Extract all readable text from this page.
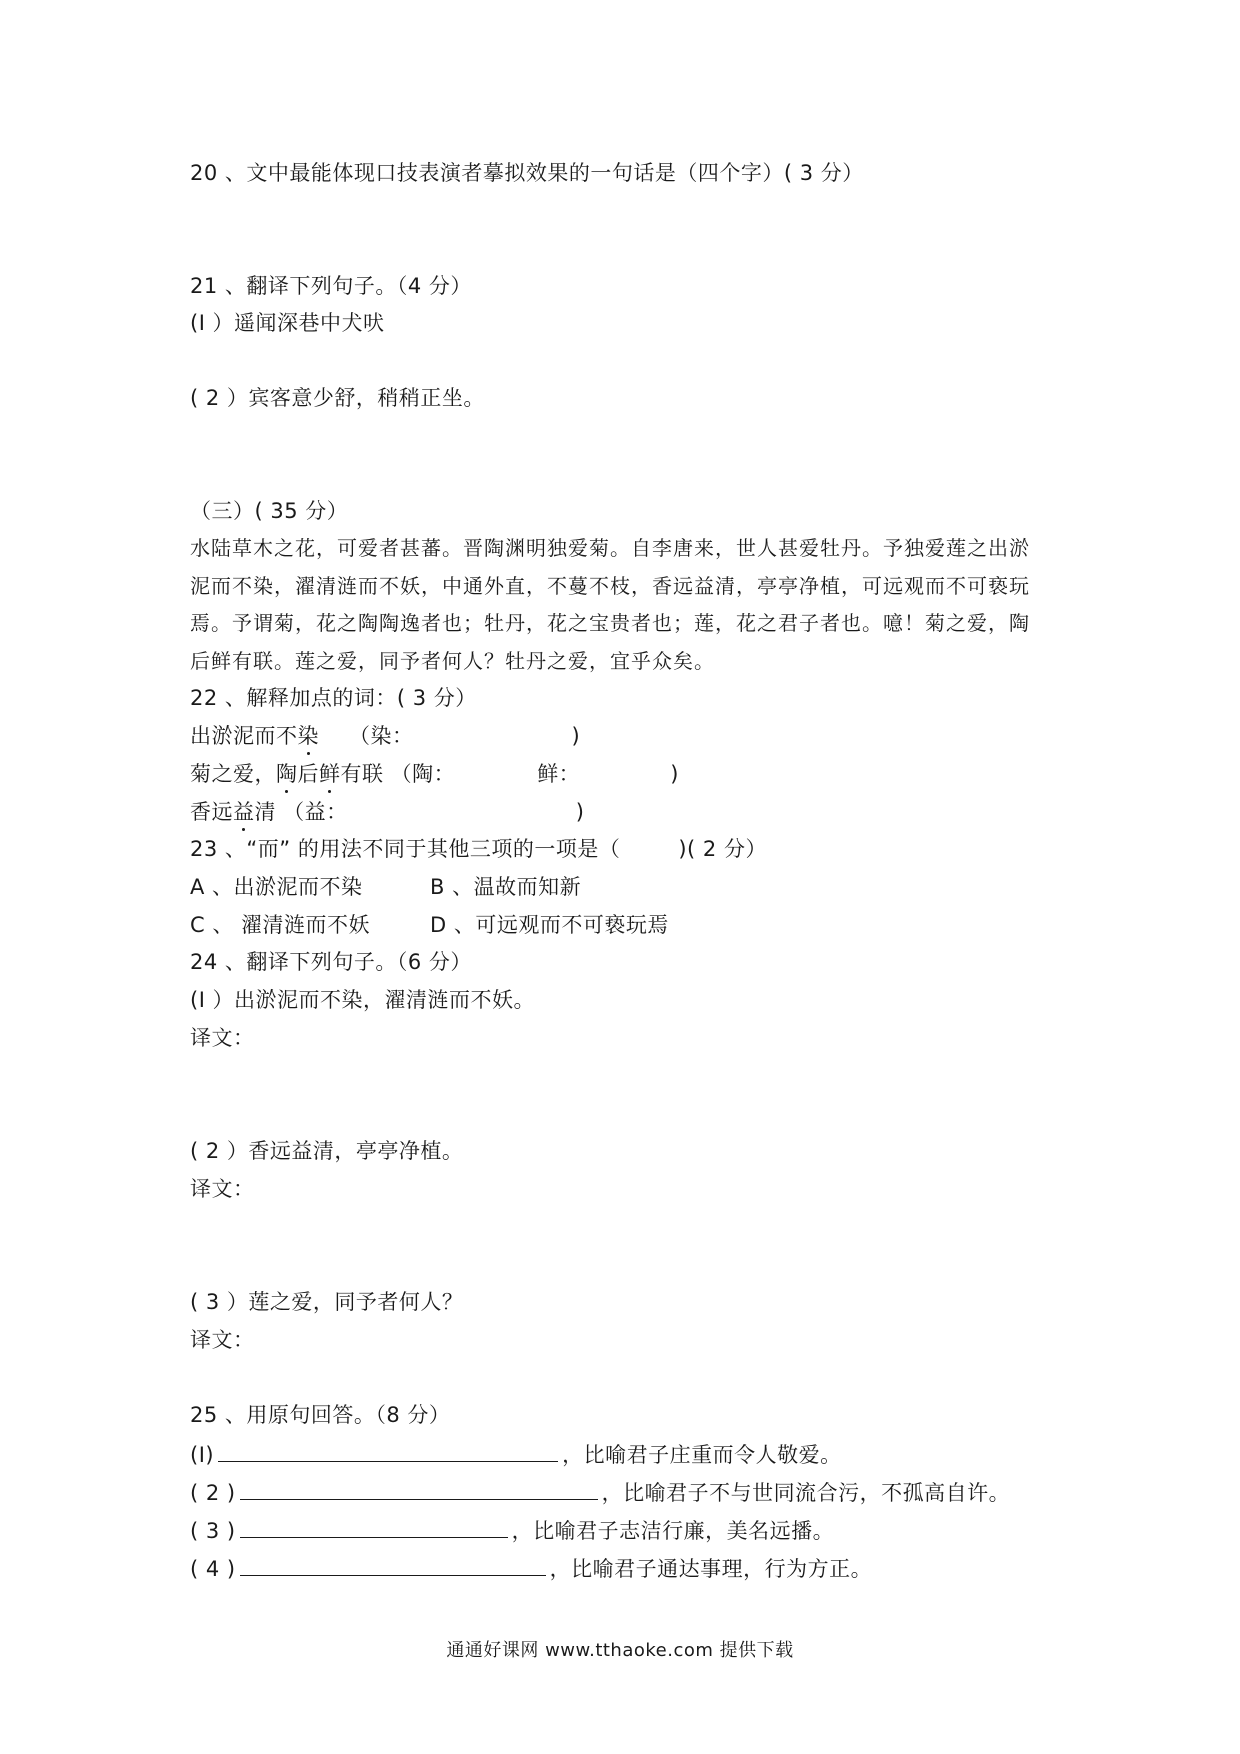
20 、文中最能体现口技表演者摹拟效果的一句话是（四个字）( 3 分）
21 、翻译下列句子。（4 分）
(Ⅰ ）遥闻深巷中犬吠
( 2 ）宾客意少舒，稍稍正坐。
（三）( 35 分）
水陆草木之花，可爱者甚蕃。晋陶渊明独爱菊。自李唐来，世人甚爱牡丹。予独爱莲之出淤
泥而不染，濯清涟而不妖，中通外直，不蔓不枝，香远益清，亭亭净植，可远观而不可亵玩
焉。予谓菊，花之陶陶逸者也；牡丹，花之宝贵者也；莲，花之君子者也。噫！菊之爱，陶
后鲜有联。莲之爱，同予者何人？牡丹之爱，宜乎众矣。
22 、解释加点的词：( 3 分）
出淤泥而不染 （染：	)
菊之爱，陶后鲜有联 （陶：	鲜：	)
香远益清 （益：	)
23 、“而” 的用法不同于其他三项的一项是（	)( 2 分）
A 、出淤泥而不染	B 、温故而知新
C 、 濯清涟而不妖	D 、可远观而不可亵玩焉
24 、翻译下列句子。（6 分）
(Ⅰ ）出淤泥而不染，濯清涟而不妖。
译文：
( 2 ）香远益清，亭亭净植。
译文：
( 3 ）莲之爱，同予者何人？
译文：
25 、用原句回答。（8 分）
(Ⅰ)	，比喻君子庄重而令人敬爱。
( 2 )	，比喻君子不与世同流合污，不孤高自许。
( 3 )	，比喻君子志洁行廉，美名远播。
( 4 )	，比喻君子通达事理，行为方正。
通通好课网 www.tthaoke.com 提供下载
